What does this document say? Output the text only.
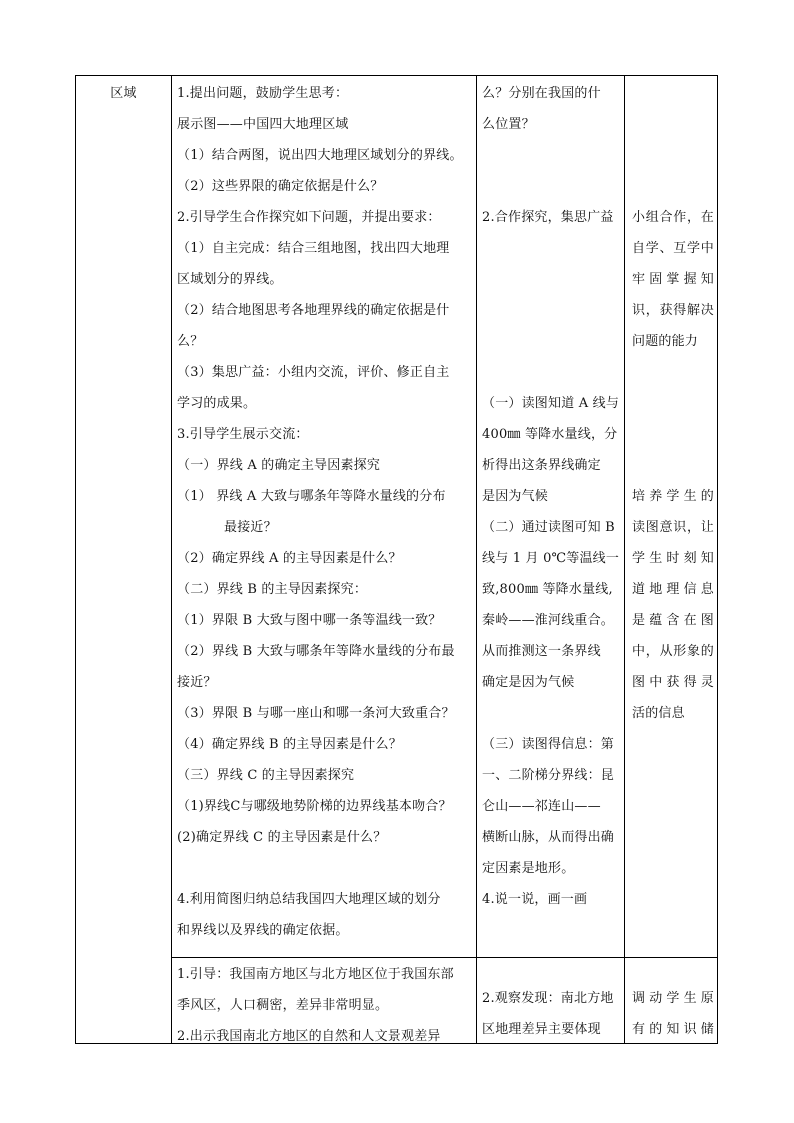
区域	1.提出问题，鼓励学生思考：

展示图——中国四大地理区域

（1）结合两图，说出四大地理区域划分的界线。

（2）这些界限的确定依据是什么？

2.引导学生合作探究如下问题，并提出要求：

（1）自主完成：结合三组地图，找出四大地理

区域划分的界线。

（2）结合地图思考各地理界线的确定依据是什

么？

（3）集思广益：小组内交流，评价、修正自主

学习的成果。

3.引导学生展示交流：

（一）界线 A 的确定主导因素探究

（1） 界线 A 大致与哪条年等降水量线的分布

最接近？

（2）确定界线 A 的主导因素是什么？

（二）界线 B 的主导因素探究：

（1）界限 B 大致与图中哪一条等温线一致？

（2）界线 B 大致与哪条年等降水量线的分布最

接近？

（3）界限 B 与哪一座山和哪一条河大致重合？

（4）确定界线 B 的主导因素是什么？

（三）界线 C 的主导因素探究

（1)界线C与哪级地势阶梯的边界线基本吻合？

(2)确定界线 C 的主导因素是什么？

4.利用简图归纳总结我国四大地理区域的划分

和界线以及界线的确定依据。

么？分别在我国的什

么位置？

2.合作探究，集思广益

（一）读图知道 A 线与

400㎜ 等降水量线，分

析得出这条界线确定

是因为气候

（二）通过读图可知 B

线与 1 月 0℃等温线一

致,800㎜ 等降水量线,

秦岭——淮河线重合。

从而推测这一条界线

确定是因为气候

（三）读图得信息：第

一、二阶梯分界线：昆

仑山——祁连山——

横断山脉，从而得出确

定因素是地形。

4.说一说，画一画

小组合作，在

自学、互学中

牢固掌握知

识，获得解决

问题的能力

培养学生的

读图意识，让

学生时刻知

道地理信息

是蕴含在图

中，从形象的

图中获得灵

活的信息

1.引导：我国南方地区与北方地区位于我国东部

季风区，人口稠密，差异非常明显。

2.出示我国南北方地区的自然和人文景观差异

2.观察发现：南北方地

区地理差异主要体现

调动学生原

有的知识储
